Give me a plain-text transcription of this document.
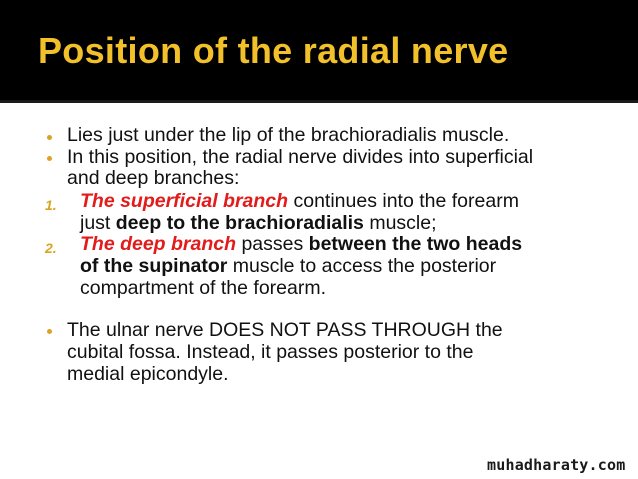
Position of the radial nerve
Lies just under the lip of the brachioradialis muscle.
In this position, the radial nerve divides into superficial
and deep branches:
1. The superficial branch continues into the forearm
just deep to the brachioradialis muscle;
2. The deep branch passes between the two heads
of the supinator muscle to access the posterior
compartment of the forearm.
The ulnar nerve DOES NOT PASS THROUGH the
cubital fossa. Instead, it passes posterior to the
medial epicondyle.
muhadharaty.com
